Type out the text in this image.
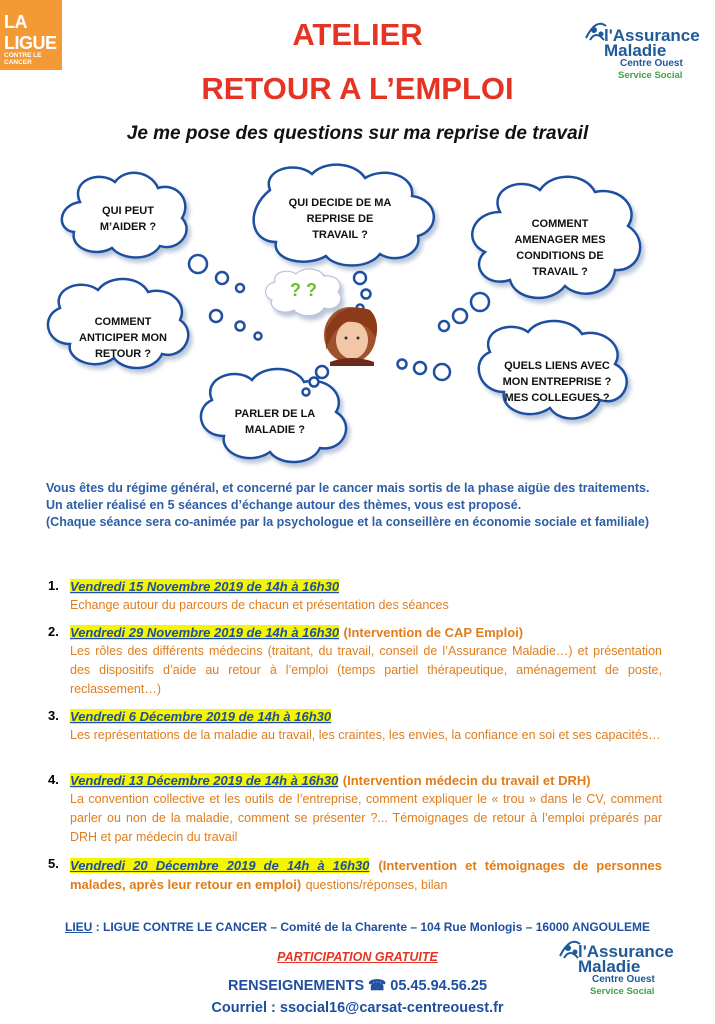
LA LIGUE
CONTRE LE CANCER
l'Assurance
Maladie
Centre Ouest
Service Social
ATELIER
RETOUR A L’EMPLOI
Je me pose des questions sur ma reprise de travail
QUI PEUT
M’AIDER ?
QUI DECIDE DE MA
REPRISE DE
TRAVAIL ?
COMMENT
AMENAGER MES
CONDITIONS DE
TRAVAIL ?
COMMENT
ANTICIPER MON
RETOUR ?
QUELS LIENS AVEC
MON ENTREPRISE ?
MES COLLEGUES ?
PARLER DE LA
MALADIE ?
? ?

Vous êtes du régime général, et concerné par le cancer mais sortis de la phase aigüe des traitements.

Un atelier réalisé en 5 séances d’échange autour des thèmes, vous est proposé.

(Chaque séance sera co-animée par la psychologue et la conseillère en économie sociale et familiale)

1. Vendredi 15 Novembre 2019 de 14h à 16h30
Echange autour du parcours de chacun et présentation des séances
2. Vendredi 29 Novembre 2019 de 14h à 16h30 (Intervention de CAP Emploi)
Les rôles des différents médecins (traitant, du travail, conseil de l’Assurance Maladie…) et présentation des dispositifs d’aide au retour à l’emploi (temps partiel thérapeutique, aménagement de poste, reclassement…)
3. Vendredi 6 Décembre 2019 de 14h à 16h30
Les représentations de la maladie au travail, les craintes, les envies, la confiance en soi et ses capacités…
4. Vendredi 13 Décembre 2019 de 14h à 16h30 (Intervention médecin du travail et DRH)
La convention collective et les outils de l’entreprise, comment expliquer le « trou » dans le CV, comment parler ou non de la maladie, comment se présenter ?... Témoignages de retour à l’emploi préparés par DRH et par médecin du travail
5. Vendredi 20 Décembre 2019 de 14h à 16h30 (Intervention et témoignages de personnes malades, après leur retour en emploi) questions/réponses, bilan
LIEU : LIGUE CONTRE LE CANCER – Comité de la Charente – 104 Rue Monlogis – 16000 ANGOULEME
PARTICIPATION GRATUITE
RENSEIGNEMENTS ☎ 05.45.94.56.25
Courriel : ssocial16@carsat-centreouest.fr
l'Assurance
Maladie
Centre Ouest
Service Social
